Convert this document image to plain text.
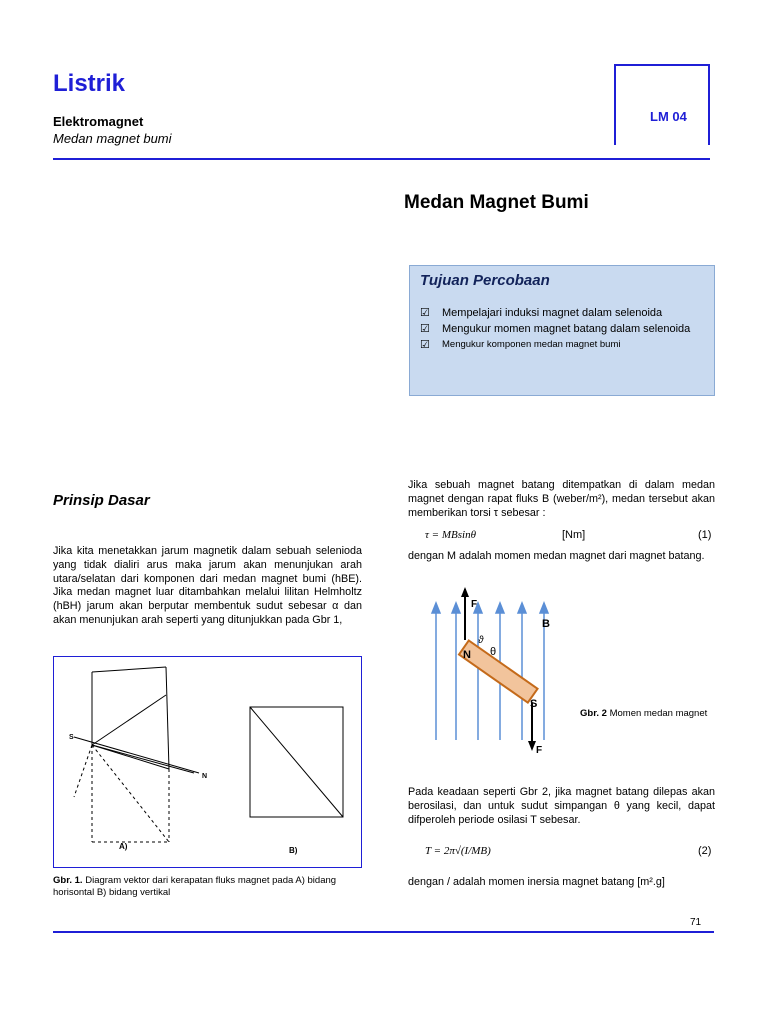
Listrik
Elektromagnet
Medan magnet bumi
LM 04
Medan Magnet Bumi
Tujuan Percobaan
☑	Mempelajari induksi magnet dalam selenoida
☑	Mengukur momen magnet batang dalam selenoida
☑	Mengukur komponen medan magnet bumi
Prinsip Dasar
Jika kita menetakkan jarum magnetik dalam sebuah selenioda yang tidak dialiri arus maka jarum akan menunjukan arah utara/selatan dari komponen dari medan magnet bumi (hBE). Jika medan magnet luar ditambahkan melalui lilitan Helmholtz (hBH) jarum akan berputar membentuk sudut sebesar α dan akan menunjukan arah seperti yang ditunjukkan pada Gbr 1,
S
N
A)	B)
Gbr. 1. Diagram vektor dari kerapatan fluks magnet pada A) bidang horisontal B) bidang vertikal
Jika sebuah magnet batang ditempatkan di dalam medan magnet dengan rapat fluks B (weber/m²), medan tersebut akan memberikan torsi τ sebesar :
τ = MBsinθ	[Nm]	(1)
dengan M adalah momen medan magnet dari magnet batang.
F
F
B
N
S
θ
ϑ
Gbr. 2 Momen medan magnet
Pada keadaan seperti Gbr 2, jika magnet batang dilepas akan berosilasi, dan untuk sudut simpangan θ yang kecil, dapat difperoleh periode osilasi T sebesar.
T = 2π√(I/MB)	(2)
dengan / adalah momen inersia magnet batang [m².g]
71
